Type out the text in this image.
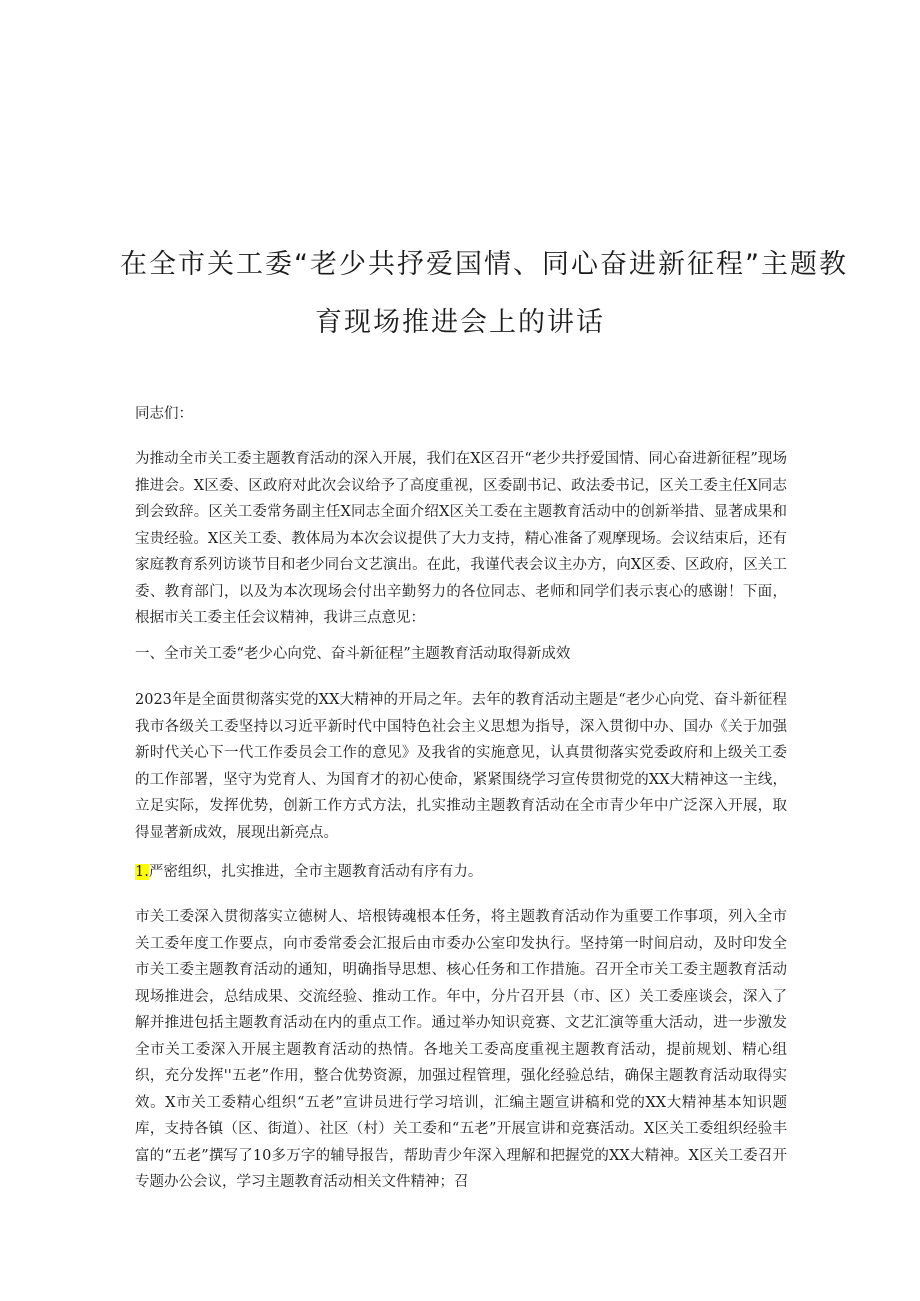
在全市关工委“老少共抒爱国情、同心奋进新征程”主题教
育现场推进会上的讲话

同志们：

为推动全市关工委主题教育活动的深入开展，我们在X区召开“老少共抒爱国情、同心奋进新征程”现场推进会。X区委、区政府对此次会议给予了高度重视，区委副书记、政法委书记，区关工委主任X同志到会致辞。区关工委常务副主任X同志全面介绍X区关工委在主题教育活动中的创新举措、显著成果和宝贵经验。X区关工委、教体局为本次会议提供了大力支持，精心准备了观摩现场。会议结束后，还有家庭教育系列访谈节目和老少同台文艺演出。在此，我谨代表会议主办方，向X区委、区政府，区关工委、教育部门，以及为本次现场会付出辛勤努力的各位同志、老师和同学们表示衷心的感谢！下面，根据市关工委主任会议精神，我讲三点意见：

一、全市关工委“老少心向党、奋斗新征程”主题教育活动取得新成效

2023年是全面贯彻落实党的XX大精神的开局之年。去年的教育活动主题是“老少心向党、奋斗新征程我市各级关工委坚持以习近平新时代中国特色社会主义思想为指导，深入贯彻中办、国办《关于加强新时代关心下一代工作委员会工作的意见》及我省的实施意见，认真贯彻落实党委政府和上级关工委的工作部署，坚守为党育人、为国育才的初心使命，紧紧围绕学习宣传贯彻党的XX大精神这一主线，立足实际，发挥优势，创新工作方式方法，扎实推动主题教育活动在全市青少年中广泛深入开展，取得显著新成效，展现出新亮点。

1.严密组织，扎实推进，全市主题教育活动有序有力。

市关工委深入贯彻落实立德树人、培根铸魂根本任务，将主题教育活动作为重要工作事项，列入全市关工委年度工作要点，向市委常委会汇报后由市委办公室印发执行。坚持第一时间启动，及时印发全市关工委主题教育活动的通知，明确指导思想、核心任务和工作措施。召开全市关工委主题教育活动现场推进会，总结成果、交流经验、推动工作。年中，分片召开县（市、区）关工委座谈会，深入了解并推进包括主题教育活动在内的重点工作。通过举办知识竞赛、文艺汇演等重大活动，进一步激发全市关工委深入开展主题教育活动的热情。各地关工委高度重视主题教育活动，提前规划、精心组织，充分发挥''五老”作用，整合优势资源，加强过程管理，强化经验总结，确保主题教育活动取得实效。X市关工委精心组织“五老”宣讲员进行学习培训，汇编主题宣讲稿和党的XX大精神基本知识题库，支持各镇（区、街道）、社区（村）关工委和“五老”开展宣讲和竞赛活动。X区关工委组织经验丰富的“五老”撰写了10多万字的辅导报告，帮助青少年深入理解和把握党的XX大精神。X区关工委召开专题办公会议，学习主题教育活动相关文件精神；召
